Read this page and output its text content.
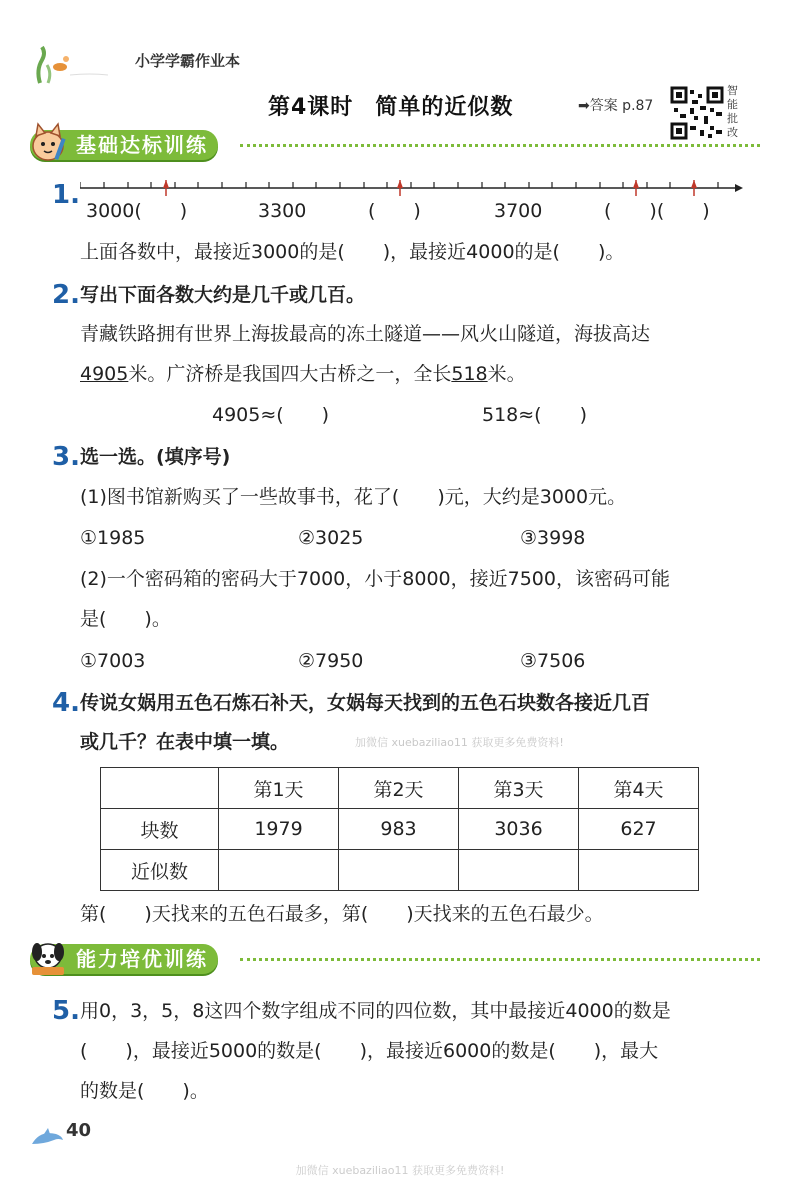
小学学霸作业本
第4课时 简单的近似数	➡答案 p.87
智
能
批
改
基础达标训练
1.
3000(　　)	3300	(　　)	3700	(　　)(　　)
上面各数中，最接近3000的是(　　)，最接近4000的是(　　)。
2. 写出下面各数大约是几千或几百。
青藏铁路拥有世界上海拔最高的冻土隧道——风火山隧道，海拔高达
4905米。广济桥是我国四大古桥之一，全长518米。
4905≈(　　)	518≈(　　)
3. 选一选。(填序号)
(1)图书馆新购买了一些故事书，花了(　　)元，大约是3000元。
①1985	②3025	③3998
(2)一个密码箱的密码大于7000，小于8000，接近7500，该密码可能
是(　　)。
①7003	②7950	③7506
4. 传说女娲用五色石炼石补天，女娲每天找到的五色石块数各接近几百
或几千？在表中填一填。	加微信 xuebaziliao11 获取更多免费资料!
	第1天	第2天	第3天	第4天
块数	1979	983	3036	627
近似数				
第(　　)天找来的五色石最多，第(　　)天找来的五色石最少。
能力培优训练
5. 用0，3，5，8这四个数字组成不同的四位数，其中最接近4000的数是
(　　)，最接近5000的数是(　　)，最接近6000的数是(　　)，最大
的数是(　　)。
40
加微信 xuebaziliao11 获取更多免费资料!
